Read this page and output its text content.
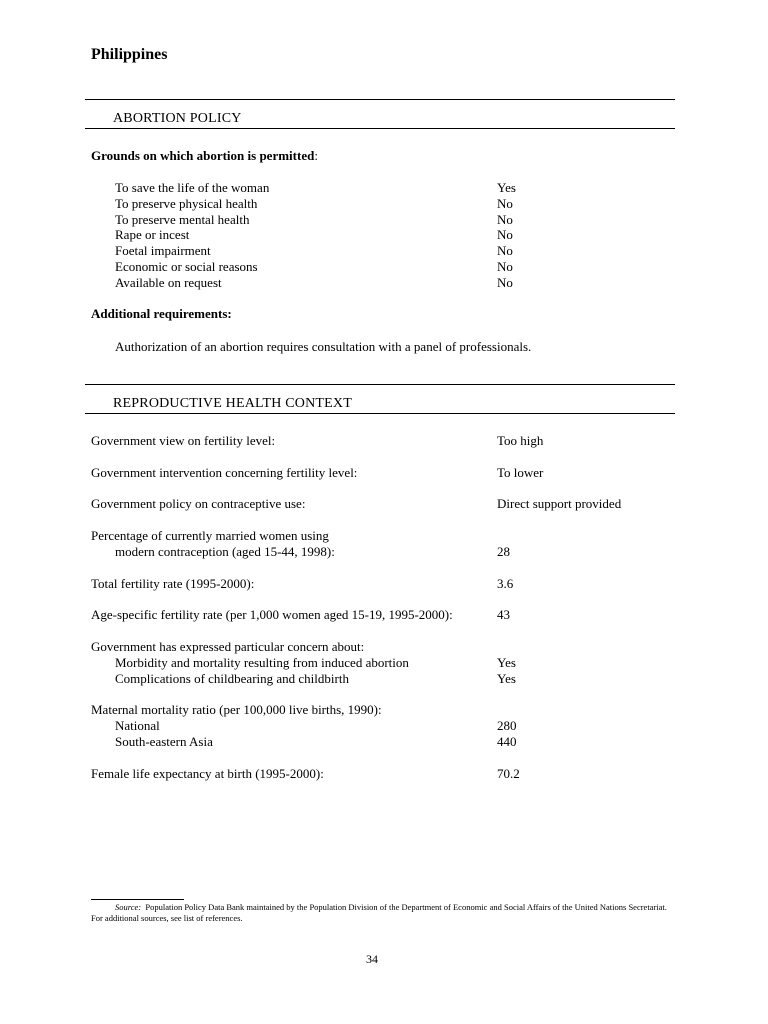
Philippines
ABORTION POLICY
Grounds on which abortion is permitted:
To save the life of the woman	Yes
To preserve physical health	No
To preserve mental health	No
Rape or incest	No
Foetal impairment	No
Economic or social reasons	No
Available on request	No
Additional requirements:
Authorization of an abortion requires consultation with a panel of professionals.
REPRODUCTIVE HEALTH CONTEXT
Government view on fertility level:	Too high
Government intervention concerning fertility level:	To lower
Government policy on contraceptive use:	Direct support provided
Percentage of currently married women using
modern contraception (aged 15-44, 1998):	28
Total fertility rate (1995-2000):	3.6
Age-specific fertility rate (per 1,000 women aged 15-19, 1995-2000):	43
Government has expressed particular concern about:
Morbidity and mortality resulting from induced abortion	Yes
Complications of childbearing and childbirth	Yes
Maternal mortality ratio (per 100,000 live births, 1990):
National	280
South-eastern Asia	440
Female life expectancy at birth (1995-2000):	70.2
Source: Population Policy Data Bank maintained by the Population Division of the Department of Economic and Social Affairs of the United Nations Secretariat. For additional sources, see list of references.
34
